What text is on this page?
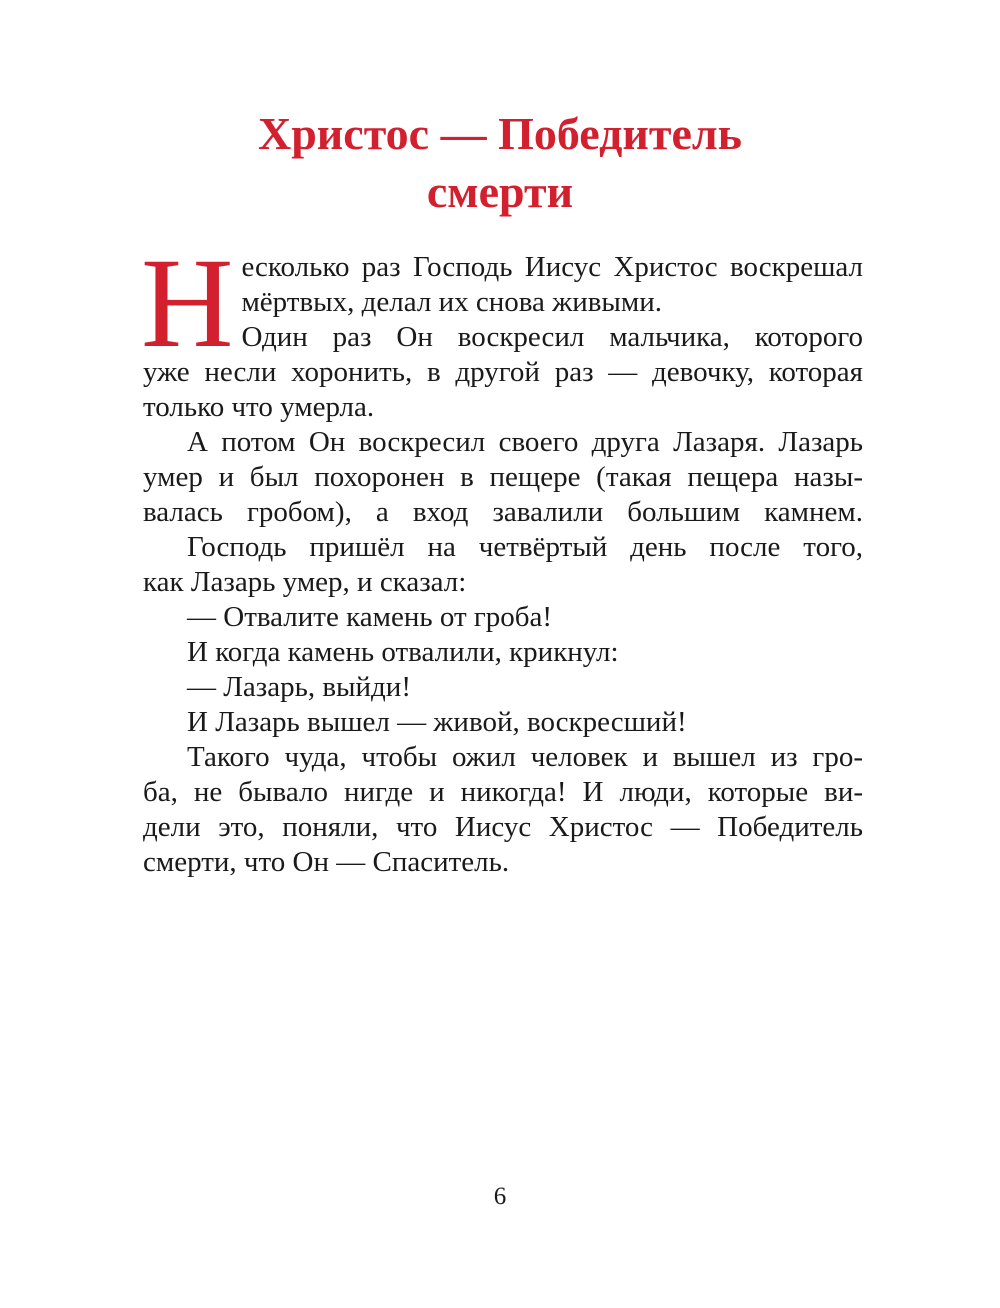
Христос — Победитель
смерти
Н есколько раз Господь Иисус Христос воскрешал
мёртвых, делал их снова живыми.
Один раз Он воскресил мальчика, которого
уже несли хоронить, в другой раз — девочку, которая
только что умерла.
А потом Он воскресил своего друга Лазаря. Лазарь
умер и был похоронен в пещере (такая пещера назы-
валась гробом), а вход завалили большим камнем.
Господь пришёл на четвёртый день после того,
как Лазарь умер, и сказал:
— Отвалите камень от гроба!
И когда камень отвалили, крикнул:
— Лазарь, выйди!
И Лазарь вышел — живой, воскресший!
Такого чуда, чтобы ожил человек и вышел из гро-
ба, не бывало нигде и никогда! И люди, которые ви-
дели это, поняли, что Иисус Христос — Победитель
смерти, что Он — Спаситель.
6
